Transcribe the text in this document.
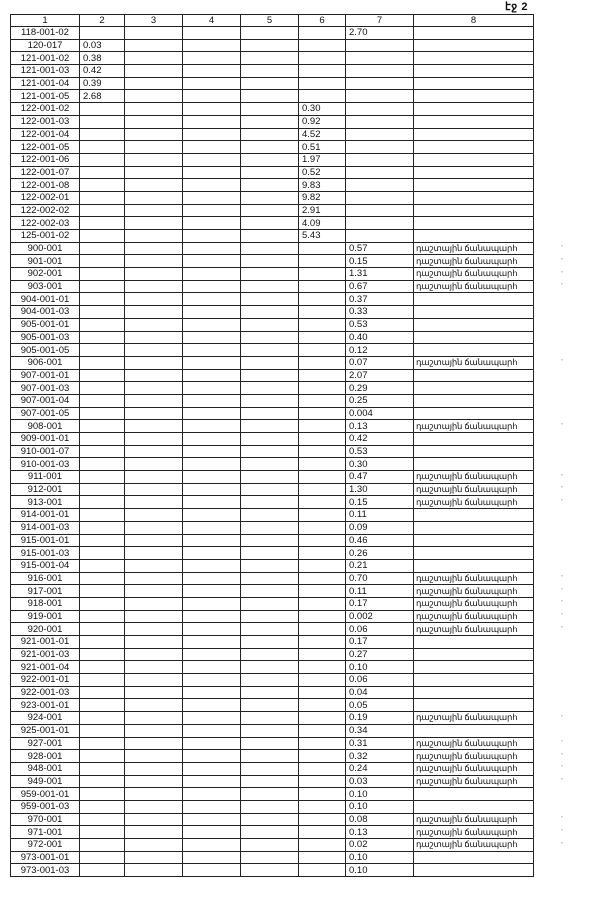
էջ 2
1	2	3	4	5	6	7	8
118-001-02						2.70	
120-017	0.03						
121-001-02	0.38						
121-001-03	0.42						
121-001-04	0.39						
121-001-05	2.68						
122-001-02					0.30		
122-001-03					0.92		
122-001-04					4.52		
122-001-05					0.51		
122-001-06					1.97		
122-001-07					0.52		
122-001-08					9.83		
122-002-01					9.82		
122-002-02					2.91		
122-002-03					4.09		
125-001-02					5.43		
900-001						0.57	դաշտային ճանապարհ
901-001						0.15	դաշտային ճանապարհ
902-001						1.31	դաշտային ճանապարհ
903-001						0.67	դաշտային ճանապարհ
904-001-01						0.37	
904-001-03						0.33	
905-001-01						0.53	
905-001-03						0.40	
905-001-05						0.12	
906-001						0.07	դաշտային ճանապարհ
907-001-01						2.07	
907-001-03						0.29	
907-001-04						0.25	
907-001-05						0.004	
908-001						0.13	դաշտային ճանապարհ
909-001-01						0.42	
910-001-07						0.53	
910-001-03						0.30	
911-001						0.47	դաշտային ճանապարհ
912-001						1.30	դաշտային ճանապարհ
913-001						0.15	դաշտային ճանապարհ
914-001-01						0.11	
914-001-03						0.09	
915-001-01						0.46	
915-001-03						0.26	
915-001-04						0.21	
916-001						0.70	դաշտային ճանապարհ
917-001						0.11	դաշտային ճանապարհ
918-001						0.17	դաշտային ճանապարհ
919-001						0.002	դաշտային ճանապարհ
920-001						0.06	դաշտային ճանապարհ
921-001-01						0.17	
921-001-03						0.27	
921-001-04						0.10	
922-001-01						0.06	
922-001-03						0.04	
923-001-01						0.05	
924-001						0.19	դաշտային ճանապարհ
925-001-01						0.34	
927-001						0.31	դաշտային ճանապարհ
928-001						0.32	դաշտային ճանապարհ
948-001						0.24	դաշտային ճանապարհ
949-001						0.03	դաշտային ճանապարհ
959-001-01						0.10	
959-001-03						0.10	
970-001						0.08	դաշտային ճանապարհ
971-001						0.13	դաշտային ճանապարհ
972-001						0.02	դաշտային ճանապարհ
973-001-01						0.10	
973-001-03						0.10	
ˑ
ˑ
ˑ
ˑ
ˑ
ˑ
ˑ
ˑ
ˑ
ˑ
ˑ
ˑ
ˑ
ˑ
ˑ
ˑ
ˑ
ˑ
ˑ
ˑ
ˑ
ˑ
